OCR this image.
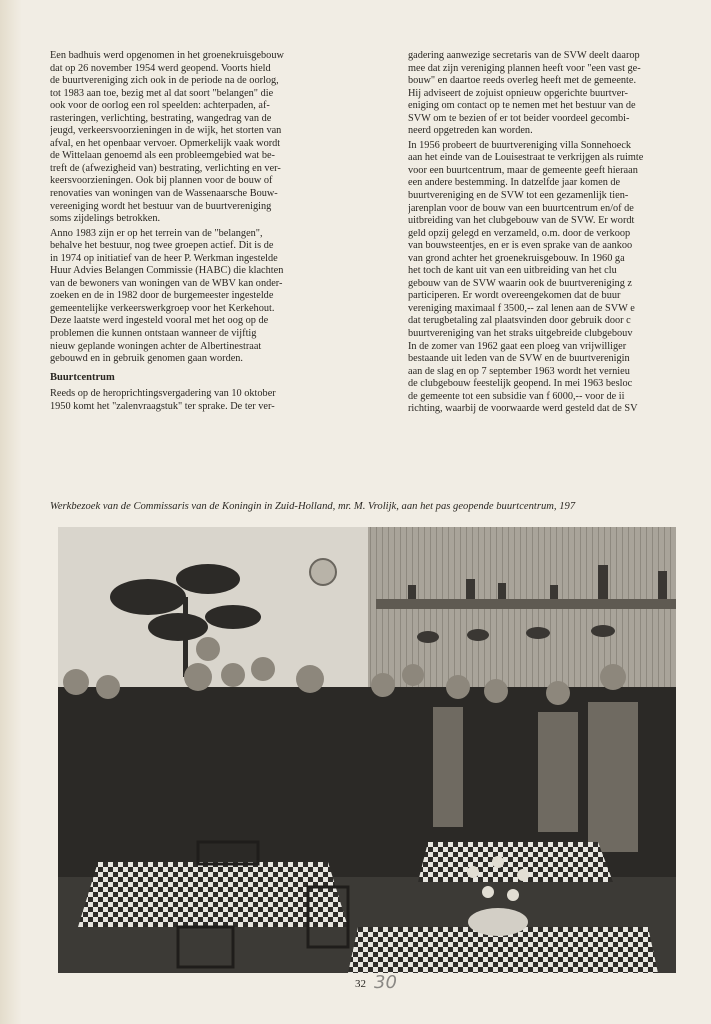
Een badhuis werd opgenomen in het groenekruisgebouw
dat op 26 november 1954 werd geopend. Voorts hield
de buurtvereniging zich ook in de periode na de oorlog,
tot 1983 aan toe, bezig met al dat soort "belangen" die
ook voor de oorlog een rol speelden: achterpaden, af-
rasteringen, verlichting, bestrating, wangedrag van de
jeugd, verkeersvoorzieningen in de wijk, het storten van
afval, en het openbaar vervoer. Opmerkelijk vaak wordt
de Wittelaan genoemd als een probleemgebied wat be-
treft de (afwezigheid van) bestrating, verlichting en ver-
keersvoorzieningen. Ook bij plannen voor de bouw of
renovaties van woningen van de Wassenaarsche Bouw-
vereeniging wordt het bestuur van de buurtvereniging
soms zijdelings betrokken.

Anno 1983 zijn er op het terrein van de "belangen",
behalve het bestuur, nog twee groepen actief. Dit is de
in 1974 op initiatief van de heer P. Werkman ingestelde
Huur Advies Belangen Commissie (HABC) die klachten
van de bewoners van woningen van de WBV kan onder-
zoeken en de in 1982 door de burgemeester ingestelde
gemeentelijke verkeerswerkgroep voor het Kerkehout.
Deze laatste werd ingesteld vooral met het oog op de
problemen die kunnen ontstaan wanneer de vijftig
nieuw geplande woningen achter de Albertinestraat
gebouwd en in gebruik genomen gaan worden.

Buurtcentrum

Reeds op de heroprichtingsvergadering van 10 oktober
1950 komt het "zalenvraagstuk" ter sprake. De ter ver-

gadering aanwezige secretaris van de SVW deelt daarop
mee dat zijn vereniging plannen heeft voor "een vast ge-
bouw" en daartoe reeds overleg heeft met de gemeente.
Hij adviseert de zojuist opnieuw opgerichte buurtver-
eniging om contact op te nemen met het bestuur van de
SVW om te bezien of er tot beider voordeel gecombi-
neerd opgetreden kan worden.

In 1956 probeert de buurtvereniging villa Sonnehoeck
aan het einde van de Louisestraat te verkrijgen als ruimte
voor een buurtcentrum, maar de gemeente geeft hieraan
een andere bestemming. In datzelfde jaar komen de
buurtvereniging en de SVW tot een gezamenlijk tien-
jarenplan voor de bouw van een buurtcentrum en/of de
uitbreiding van het clubgebouw van de SVW. Er wordt
geld opzij gelegd en verzameld, o.m. door de verkoop
van bouwsteentjes, en er is even sprake van de aankoo
van grond achter het groenekruisgebouw. In 1960 ga
het toch de kant uit van een uitbreiding van het clu
gebouw van de SVW waarin ook de buurtvereniging z
participeren. Er wordt overeengekomen dat de buur
vereniging maximaal f 3500,-- zal lenen aan de SVW e
dat terugbetaling zal plaatsvinden door gebruik door c
buurtvereniging van het straks uitgebreide clubgebouv
In de zomer van 1962 gaat een ploeg van vrijwilliger
bestaande uit leden van de SVW en de buurtverenigin
aan de slag en op 7 september 1963 wordt het vernieu
de clubgebouw feestelijk geopend. In mei 1963 besloc
de gemeente tot een subsidie van f 6000,-- voor de ii
richting, waarbij de voorwaarde werd gesteld dat de SV

Werkbezoek van de Commissaris van de Koningin in Zuid-Holland, mr. M. Vrolijk, aan het pas geopende buurtcentrum, 197
32 30
